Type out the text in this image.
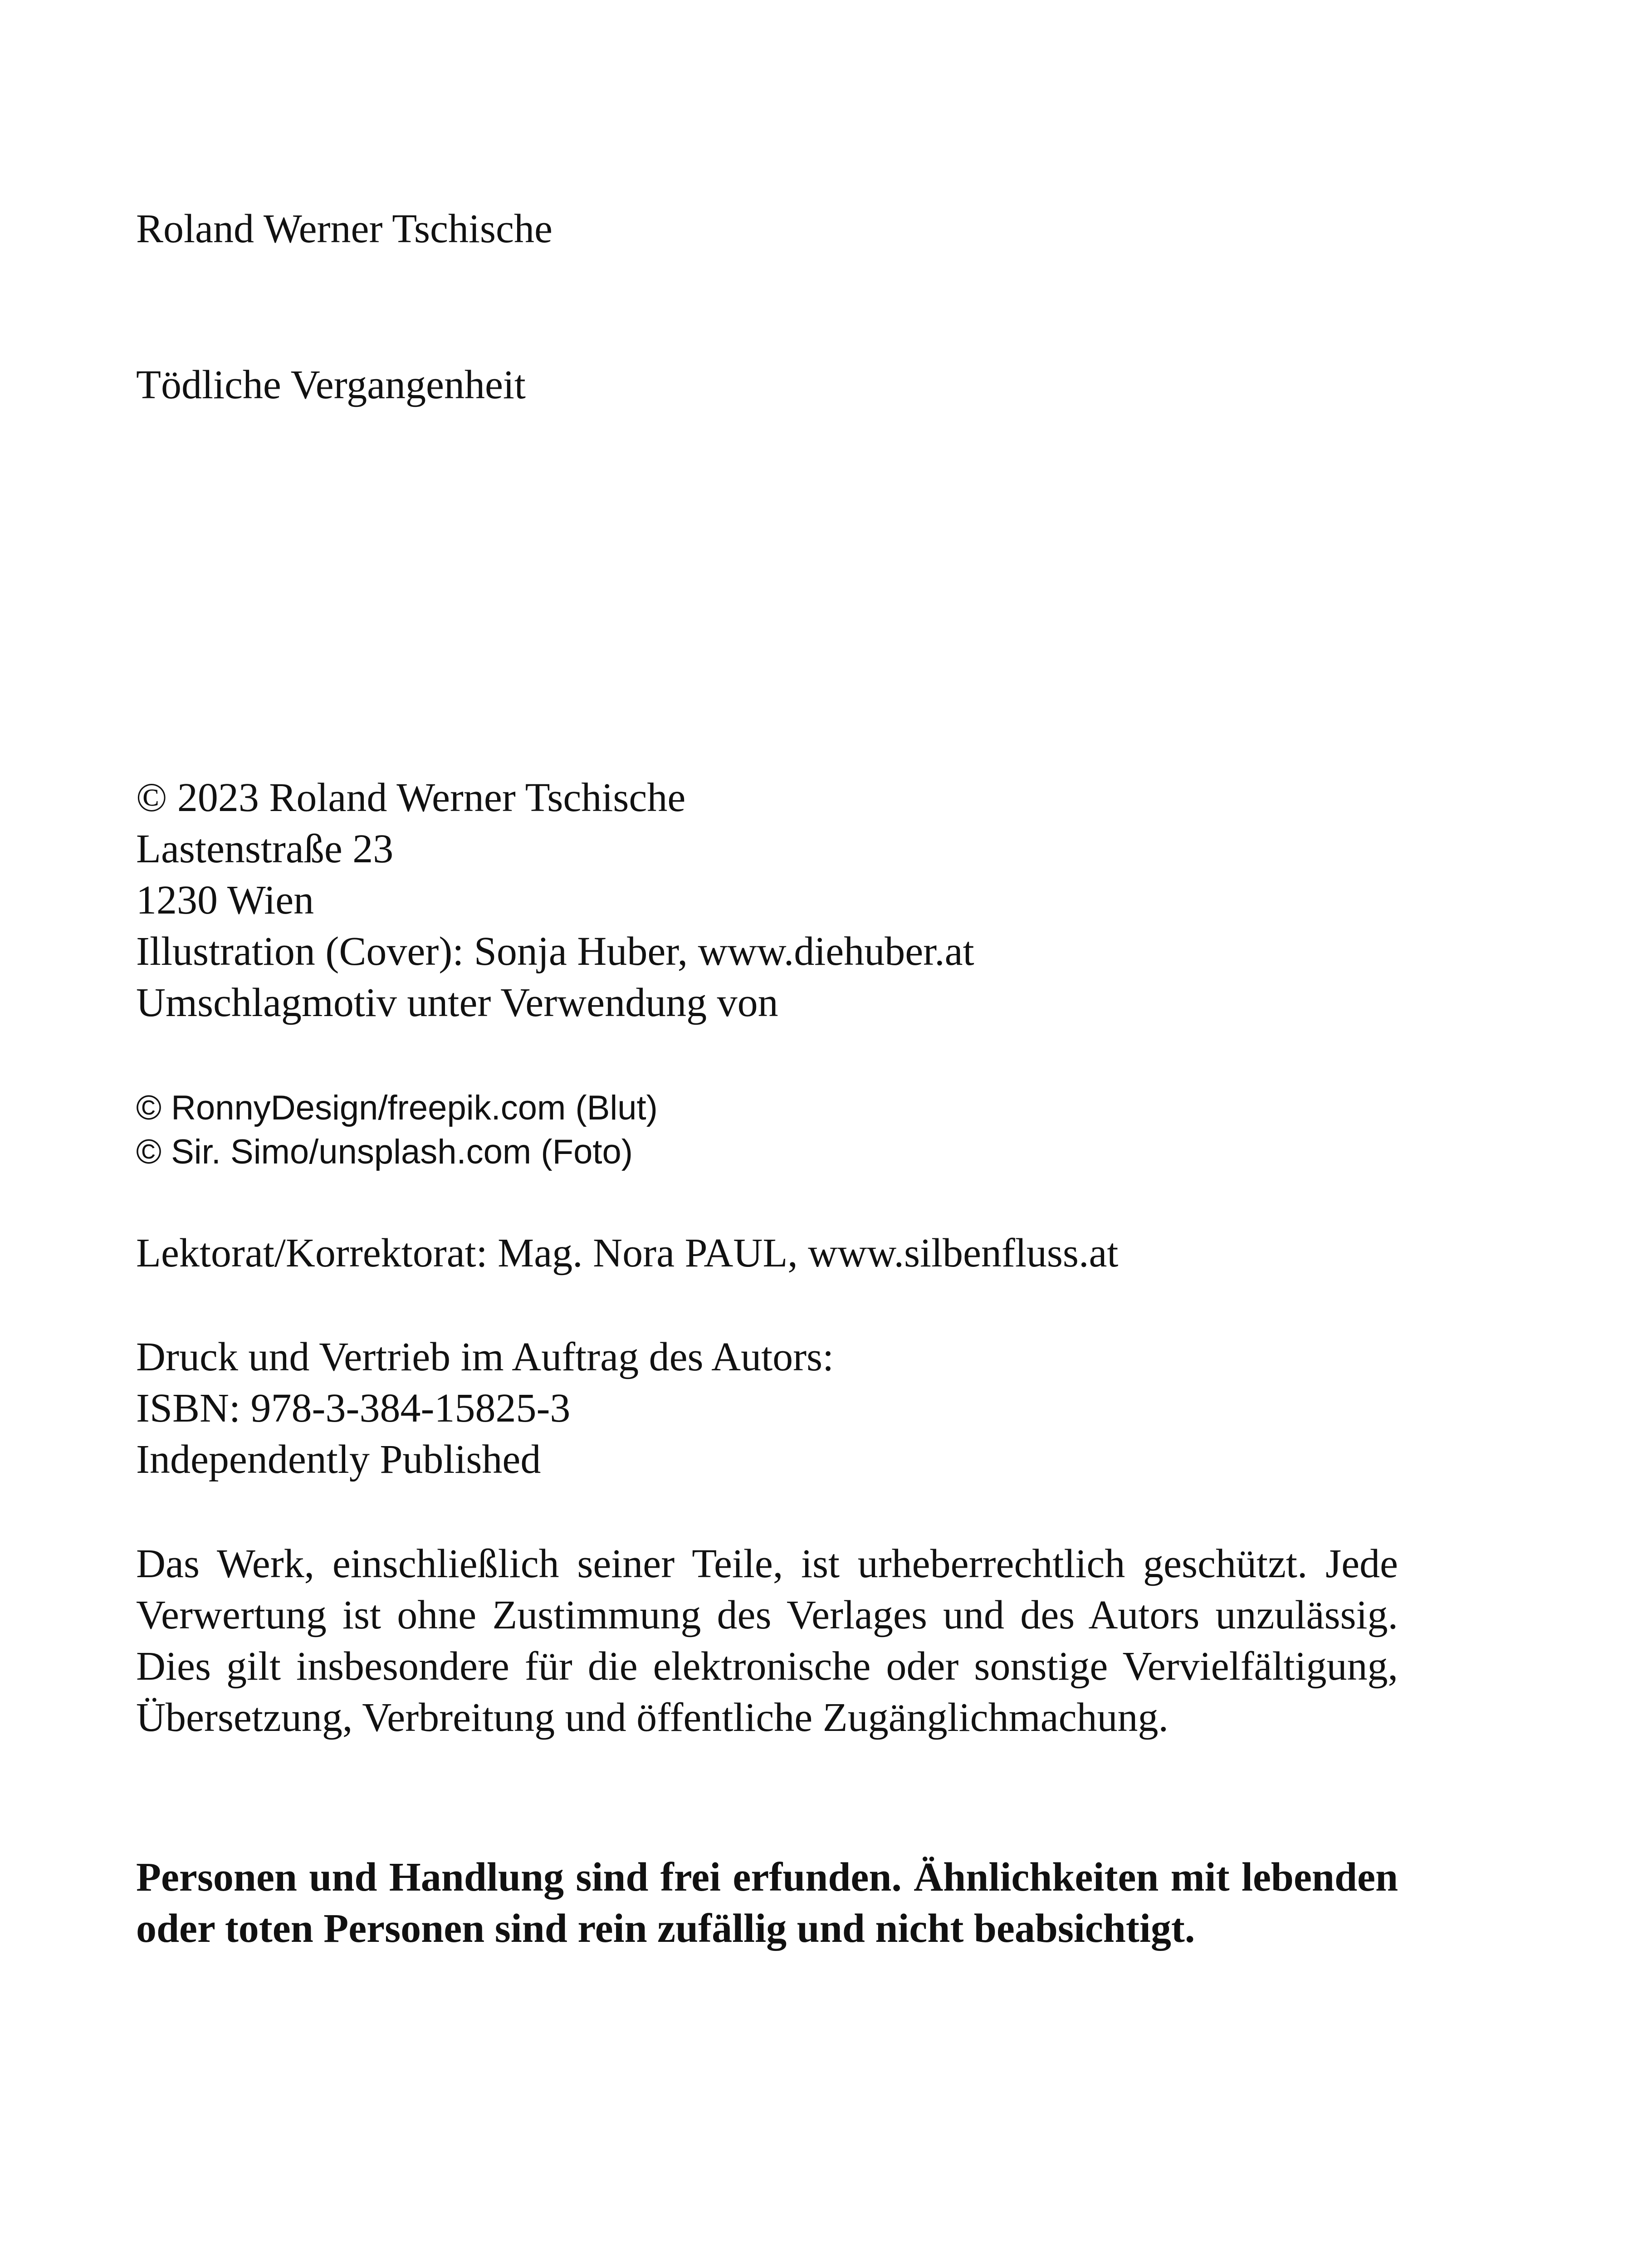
Roland Werner Tschische
Tödliche Vergangenheit
© 2023 Roland Werner Tschische
Lastenstraße 23
1230 Wien
Illustration (Cover): Sonja Huber, www.diehuber.at
Umschlagmotiv unter Verwendung von
© RonnyDesign/freepik.com (Blut)
© Sir. Simo/unsplash.com (Foto)
Lektorat/Korrektorat: Mag. Nora PAUL, www.silbenfluss.at
Druck und Vertrieb im Auftrag des Autors:
ISBN: 978-3-384-15825-3
Independently Published
Das Werk, einschließlich seiner Teile, ist urheberrechtlich geschützt. Jede Verwertung ist ohne Zustimmung des Verlages und des Autors unzulässig. Dies gilt insbesondere für die elektronische oder sonstige Vervielfältigung, Übersetzung, Verbreitung und öffentliche Zugänglichmachung.
Personen und Handlung sind frei erfunden. Ähnlichkeiten mit lebenden oder toten Personen sind rein zufällig und nicht beabsichtigt.
